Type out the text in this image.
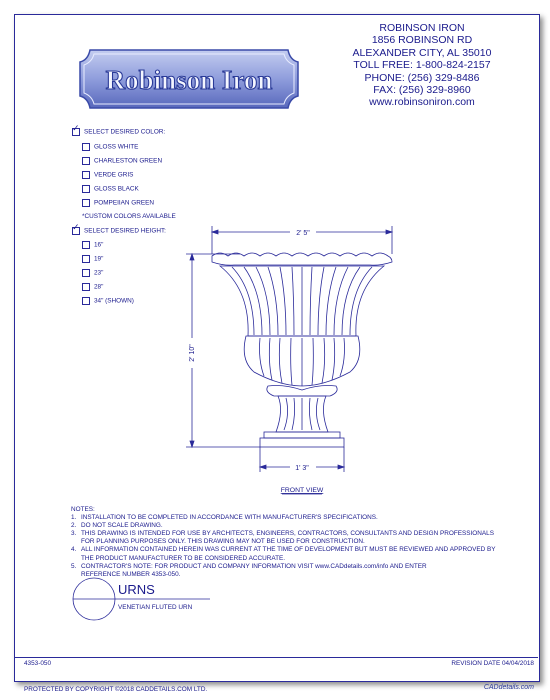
Robinson Iron
ROBINSON IRON
1856 ROBINSON RD
ALEXANDER CITY, AL 35010
TOLL FREE: 1-800-824-2157
PHONE: (256) 329-8486
FAX: (256) 329-8960
www.robinsoniron.com
✓ SELECT DESIRED COLOR:
GLOSS WHITE
CHARLESTON GREEN
VERDE GRIS
GLOSS BLACK
POMPEIIAN GREEN
*CUSTOM COLORS AVAILABLE
✓ SELECT DESIRED HEIGHT:
16"
19"
23"
28"
34" (SHOWN)
2' 5"
2' 10"
1' 3"
FRONT VIEW
NOTES:
1. INSTALLATION TO BE COMPLETED IN ACCORDANCE WITH MANUFACTURER'S SPECIFICATIONS.
2. DO NOT SCALE DRAWING.
3. THIS DRAWING IS INTENDED FOR USE BY ARCHITECTS, ENGINEERS, CONTRACTORS, CONSULTANTS AND DESIGN PROFESSIONALS
FOR PLANNING PURPOSES ONLY. THIS DRAWING MAY NOT BE USED FOR CONSTRUCTION.
4. ALL INFORMATION CONTAINED HEREIN WAS CURRENT AT THE TIME OF DEVELOPMENT BUT MUST BE REVIEWED AND APPROVED BY
THE PRODUCT MANUFACTURER TO BE CONSIDERED ACCURATE.
5. CONTRACTOR'S NOTE: FOR PRODUCT AND COMPANY INFORMATION VISIT www.CADdetails.com/info AND ENTER
REFERENCE NUMBER 4353-050.
URNS
VENETIAN FLUTED URN
4353-050	REVISION DATE 04/04/2018
PROTECTED BY COPYRIGHT ©2018 CADDETAILS.COM LTD.	CADdetails.com
